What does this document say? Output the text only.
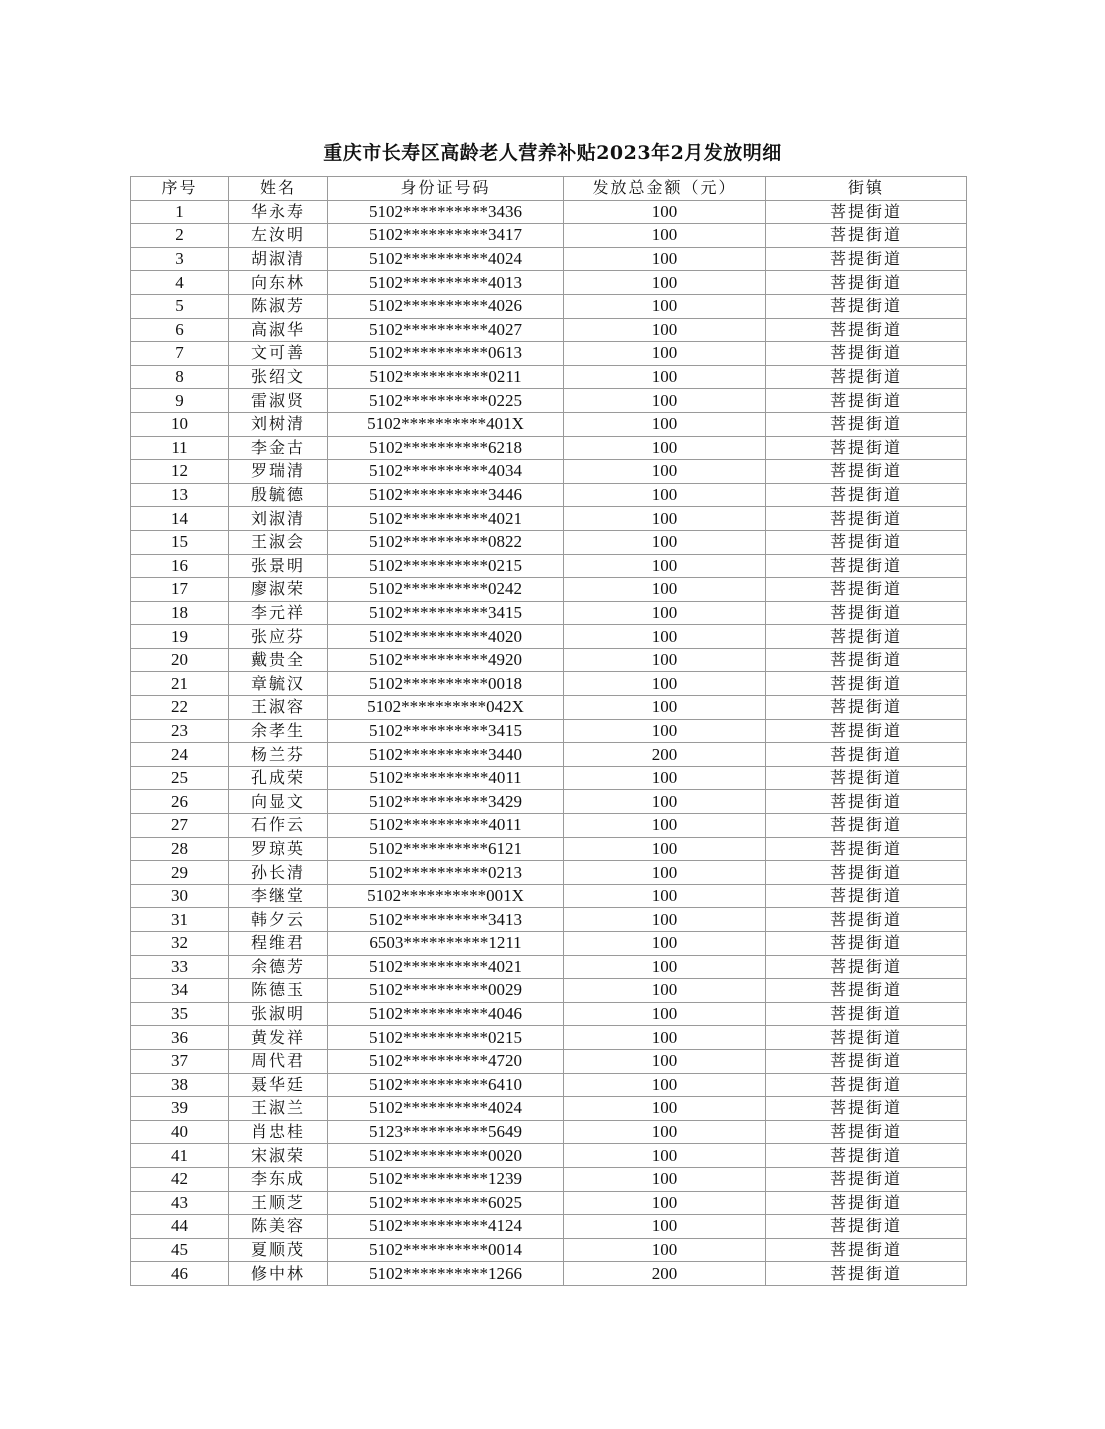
重庆市长寿区高龄老人营养补贴2023年2月发放明细
序号	姓名	身份证号码	发放总金额（元）	街镇
1	华永寿	5102**********3436	100	菩提街道
2	左汝明	5102**********3417	100	菩提街道
3	胡淑清	5102**********4024	100	菩提街道
4	向东林	5102**********4013	100	菩提街道
5	陈淑芳	5102**********4026	100	菩提街道
6	高淑华	5102**********4027	100	菩提街道
7	文可善	5102**********0613	100	菩提街道
8	张绍文	5102**********0211	100	菩提街道
9	雷淑贤	5102**********0225	100	菩提街道
10	刘树清	5102**********401X	100	菩提街道
11	李金古	5102**********6218	100	菩提街道
12	罗瑞清	5102**********4034	100	菩提街道
13	殷毓德	5102**********3446	100	菩提街道
14	刘淑清	5102**********4021	100	菩提街道
15	王淑会	5102**********0822	100	菩提街道
16	张景明	5102**********0215	100	菩提街道
17	廖淑荣	5102**********0242	100	菩提街道
18	李元祥	5102**********3415	100	菩提街道
19	张应芬	5102**********4020	100	菩提街道
20	戴贵全	5102**********4920	100	菩提街道
21	章毓汉	5102**********0018	100	菩提街道
22	王淑容	5102**********042X	100	菩提街道
23	余孝生	5102**********3415	100	菩提街道
24	杨兰芬	5102**********3440	200	菩提街道
25	孔成荣	5102**********4011	100	菩提街道
26	向显文	5102**********3429	100	菩提街道
27	石作云	5102**********4011	100	菩提街道
28	罗琼英	5102**********6121	100	菩提街道
29	孙长清	5102**********0213	100	菩提街道
30	李继堂	5102**********001X	100	菩提街道
31	韩夕云	5102**********3413	100	菩提街道
32	程维君	6503**********1211	100	菩提街道
33	余德芳	5102**********4021	100	菩提街道
34	陈德玉	5102**********0029	100	菩提街道
35	张淑明	5102**********4046	100	菩提街道
36	黄发祥	5102**********0215	100	菩提街道
37	周代君	5102**********4720	100	菩提街道
38	聂华廷	5102**********6410	100	菩提街道
39	王淑兰	5102**********4024	100	菩提街道
40	肖忠桂	5123**********5649	100	菩提街道
41	宋淑荣	5102**********0020	100	菩提街道
42	李东成	5102**********1239	100	菩提街道
43	王顺芝	5102**********6025	100	菩提街道
44	陈美容	5102**********4124	100	菩提街道
45	夏顺茂	5102**********0014	100	菩提街道
46	修中林	5102**********1266	200	菩提街道
